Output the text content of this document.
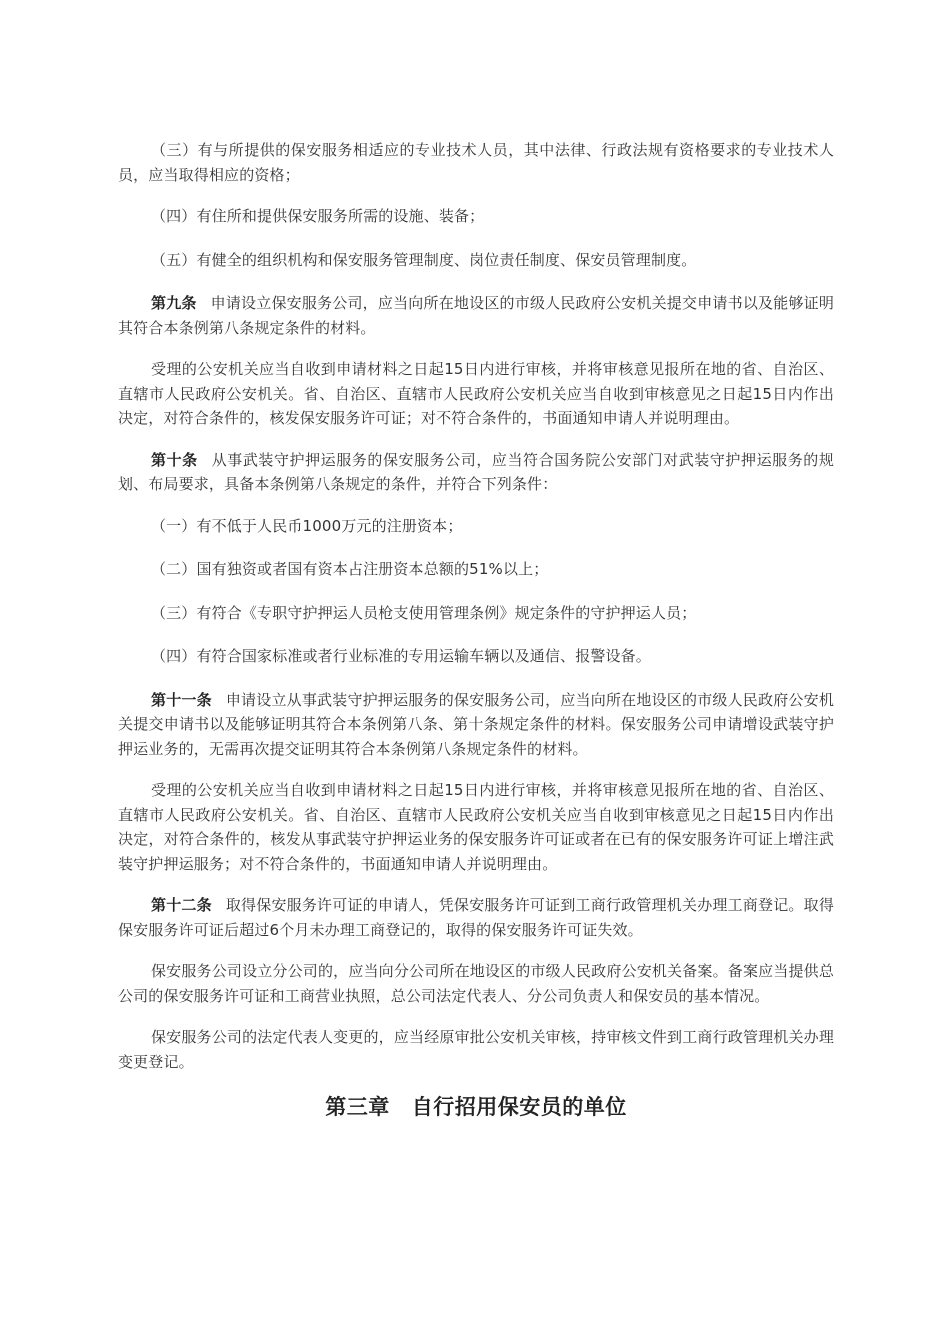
（三）有与所提供的保安服务相适应的专业技术人员，其中法律、行政法规有资格要求的专业技术人员，应当取得相应的资格；

（四）有住所和提供保安服务所需的设施、装备；

（五）有健全的组织机构和保安服务管理制度、岗位责任制度、保安员管理制度。

第九条 申请设立保安服务公司，应当向所在地设区的市级人民政府公安机关提交申请书以及能够证明其符合本条例第八条规定条件的材料。

受理的公安机关应当自收到申请材料之日起15日内进行审核，并将审核意见报所在地的省、自治区、直辖市人民政府公安机关。省、自治区、直辖市人民政府公安机关应当自收到审核意见之日起15日内作出决定，对符合条件的，核发保安服务许可证；对不符合条件的，书面通知申请人并说明理由。

第十条 从事武装守护押运服务的保安服务公司，应当符合国务院公安部门对武装守护押运服务的规划、布局要求，具备本条例第八条规定的条件，并符合下列条件：

（一）有不低于人民币1000万元的注册资本；

（二）国有独资或者国有资本占注册资本总额的51%以上；

（三）有符合《专职守护押运人员枪支使用管理条例》规定条件的守护押运人员；

（四）有符合国家标准或者行业标准的专用运输车辆以及通信、报警设备。

第十一条 申请设立从事武装守护押运服务的保安服务公司，应当向所在地设区的市级人民政府公安机关提交申请书以及能够证明其符合本条例第八条、第十条规定条件的材料。保安服务公司申请增设武装守护押运业务的，无需再次提交证明其符合本条例第八条规定条件的材料。

受理的公安机关应当自收到申请材料之日起15日内进行审核，并将审核意见报所在地的省、自治区、直辖市人民政府公安机关。省、自治区、直辖市人民政府公安机关应当自收到审核意见之日起15日内作出决定，对符合条件的，核发从事武装守护押运业务的保安服务许可证或者在已有的保安服务许可证上增注武装守护押运服务；对不符合条件的，书面通知申请人并说明理由。

第十二条 取得保安服务许可证的申请人，凭保安服务许可证到工商行政管理机关办理工商登记。取得保安服务许可证后超过6个月未办理工商登记的，取得的保安服务许可证失效。

保安服务公司设立分公司的，应当向分公司所在地设区的市级人民政府公安机关备案。备案应当提供总公司的保安服务许可证和工商营业执照，总公司法定代表人、分公司负责人和保安员的基本情况。

保安服务公司的法定代表人变更的，应当经原审批公安机关审核，持审核文件到工商行政管理机关办理变更登记。

第三章 自行招用保安员的单位
